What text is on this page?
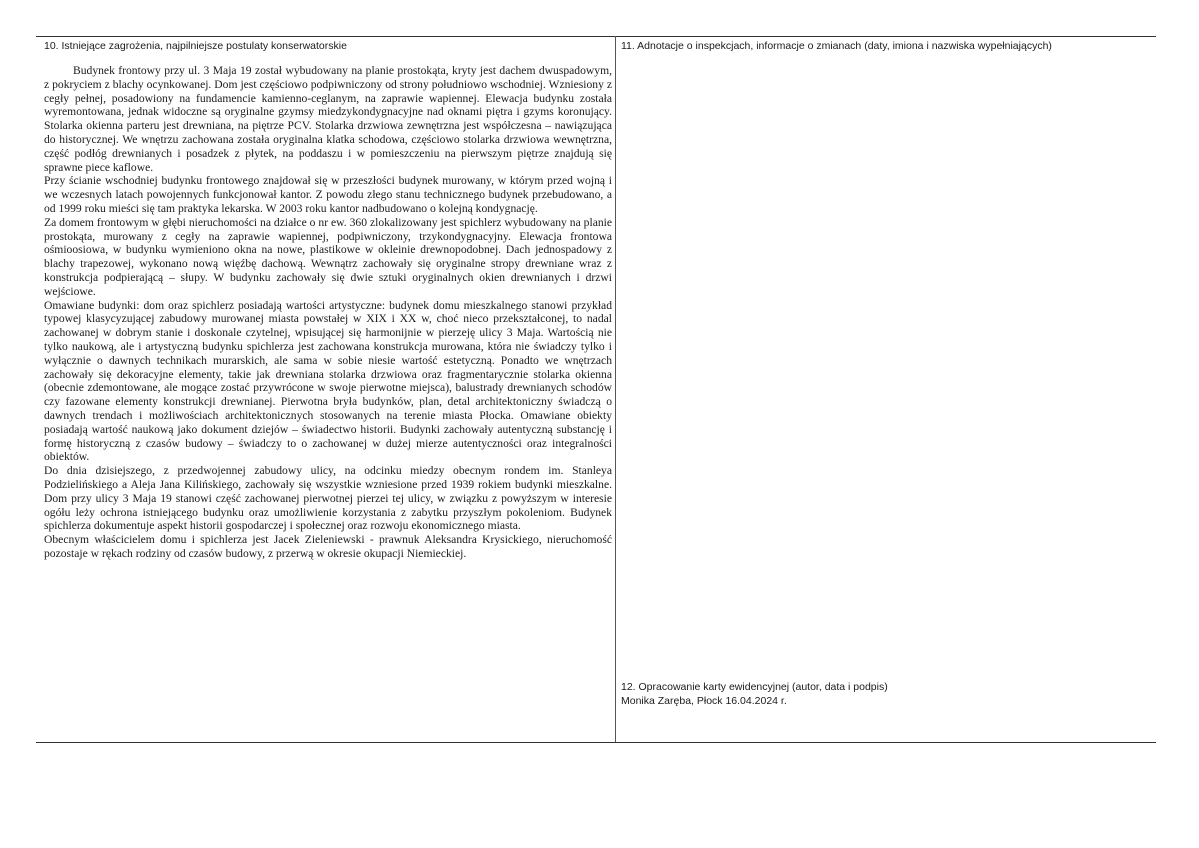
10. Istniejące zagrożenia, najpilniejsze postulaty konserwatorskie

Budynek frontowy przy ul. 3 Maja 19 został wybudowany na planie prostokąta, kryty jest dachem dwuspadowym, z pokryciem z blachy ocynkowanej. Dom jest częściowo podpiwniczony od strony południowo wschodniej. Wzniesiony z cegły pełnej, posadowiony na fundamencie kamienno-ceglanym, na zaprawie wapiennej. Elewacja budynku została wyremontowana, jednak widoczne są oryginalne gzymsy miedzykondygnacyjne nad oknami piętra i gzyms koronujący. Stolarka okienna parteru jest drewniana, na piętrze PCV. Stolarka drzwiowa zewnętrzna jest współczesna – nawiązująca do historycznej. We wnętrzu zachowana została oryginalna klatka schodowa, częściowo stolarka drzwiowa wewnętrzna, część podłóg drewnianych i posadzek z płytek, na poddaszu i w pomieszczeniu na pierwszym piętrze znajdują się sprawne piece kaflowe.

Przy ścianie wschodniej budynku frontowego znajdował się w przeszłości budynek murowany, w którym przed wojną i we wczesnych latach powojennych funkcjonował kantor. Z powodu złego stanu technicznego budynek przebudowano, a od 1999 roku mieści się tam praktyka lekarska. W 2003 roku kantor nadbudowano o kolejną kondygnację.

Za domem frontowym w głębi nieruchomości na działce o nr ew. 360 zlokalizowany jest spichlerz wybudowany na planie prostokąta, murowany z cegły na zaprawie wapiennej, podpiwniczony, trzykondygnacyjny. Elewacja frontowa ośmioosiowa, w budynku wymieniono okna na nowe, plastikowe w okleinie drewnopodobnej. Dach jednospadowy z blachy trapezowej, wykonano nową więźbę dachową. Wewnątrz zachowały się oryginalne stropy drewniane wraz z konstrukcja podpierającą – słupy. W budynku zachowały się dwie sztuki oryginalnych okien drewnianych i drzwi wejściowe.

Omawiane budynki: dom oraz spichlerz posiadają wartości artystyczne: budynek domu mieszkalnego stanowi przykład typowej klasycyzującej zabudowy murowanej miasta powstałej w XIX i XX w, choć nieco przekształconej, to nadal zachowanej w dobrym stanie i doskonale czytelnej, wpisującej się harmonijnie w pierzeję ulicy 3 Maja. Wartością nie tylko naukową, ale i artystyczną budynku spichlerza jest zachowana konstrukcja murowana, która nie świadczy tylko i wyłącznie o dawnych technikach murarskich, ale sama w sobie niesie wartość estetyczną. Ponadto we wnętrzach zachowały się dekoracyjne elementy, takie jak drewniana stolarka drzwiowa oraz fragmentarycznie stolarka okienna (obecnie zdemontowane, ale mogące zostać przywrócone w swoje pierwotne miejsca), balustrady drewnianych schodów czy fazowane elementy konstrukcji drewnianej. Pierwotna bryła budynków, plan, detal architektoniczny świadczą o dawnych trendach i możliwościach architektonicznych stosowanych na terenie miasta Płocka. Omawiane obiekty posiadają wartość naukową jako dokument dziejów – świadectwo historii. Budynki zachowały autentyczną substancję i formę historyczną z czasów budowy – świadczy to o zachowanej w dużej mierze autentyczności oraz integralności obiektów.

Do dnia dzisiejszego, z przedwojennej zabudowy ulicy, na odcinku miedzy obecnym rondem im. Stanleya Podzielińskiego a Aleja Jana Kilińskiego, zachowały się wszystkie wzniesione przed 1939 rokiem budynki mieszkalne. Dom przy ulicy 3 Maja 19 stanowi część zachowanej pierwotnej pierzei tej ulicy, w związku z powyższym w interesie ogółu leży ochrona istniejącego budynku oraz umożliwienie korzystania z zabytku przyszłym pokoleniom. Budynek spichlerza dokumentuje aspekt historii gospodarczej i społecznej oraz rozwoju ekonomicznego miasta.

Obecnym właścicielem domu i spichlerza jest Jacek Zieleniewski - prawnuk Aleksandra Krysickiego, nieruchomość pozostaje w rękach rodziny od czasów budowy, z przerwą w okresie okupacji Niemieckiej.

11. Adnotacje o inspekcjach, informacje o zmianach (daty, imiona i nazwiska wypełniających)
12. Opracowanie karty ewidencyjnej (autor, data i podpis)
Monika Zaręba, Płock 16.04.2024 r.
